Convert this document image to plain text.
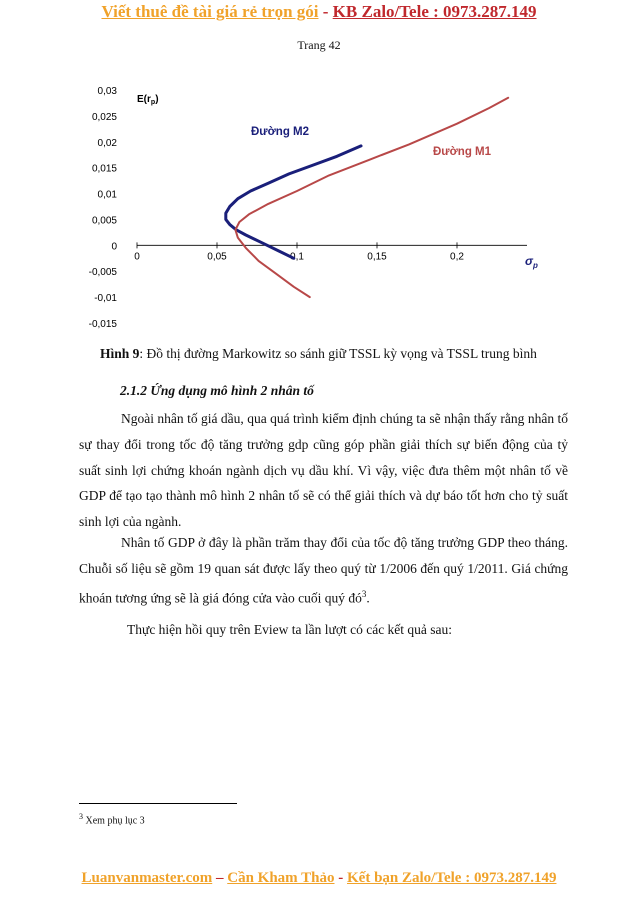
Viết thuê đề tài giá rẻ trọn gói - KB Zalo/Tele : 0973.287.149
Trang 42
0,03
0,025
0,02
0,015
0,01
0,005
0
-0,005
-0,01
-0,015
0	0,05	0,1	0,15	0,2
$E(r_p)$
$\sigma_p$
Đường M2
Đường M1
Hình 9: Đồ thị đường Markowitz so sánh giữ TSSL kỳ vọng và TSSL trung bình
2.1.2 Ứng dụng mô hình 2 nhân tố

Ngoài nhân tố giá dầu, qua quá trình kiểm định chúng ta sẽ nhận thấy rằng nhân tố sự thay đổi trong tốc độ tăng trưởng gdp cũng góp phần giải thích sự biến động của tỷ suất sinh lợi chứng khoán ngành dịch vụ dầu khí. Vì vậy, việc đưa thêm một nhân tố về GDP để tạo tạo thành mô hình 2 nhân tố sẽ có thể giải thích và dự báo tốt hơn cho tỷ suất sinh lợi của ngành.

Nhân tố GDP ở đây là phần trăm thay đổi của tốc độ tăng trưởng GDP theo tháng. Chuỗi số liệu sẽ gồm 19 quan sát được lấy theo quý từ 1/2006 đến quý 1/2011. Giá chứng khoán tương ứng sẽ là giá đóng cửa vào cuối quý $đó^3$.

Thực hiện hồi quy trên Eview ta lần lượt có các kết quả sau:

$^3$ Xem phụ lục 3
Luanvanmaster.com – Cần Kham Thảo - Kết bạn Zalo/Tele : 0973.287.149
